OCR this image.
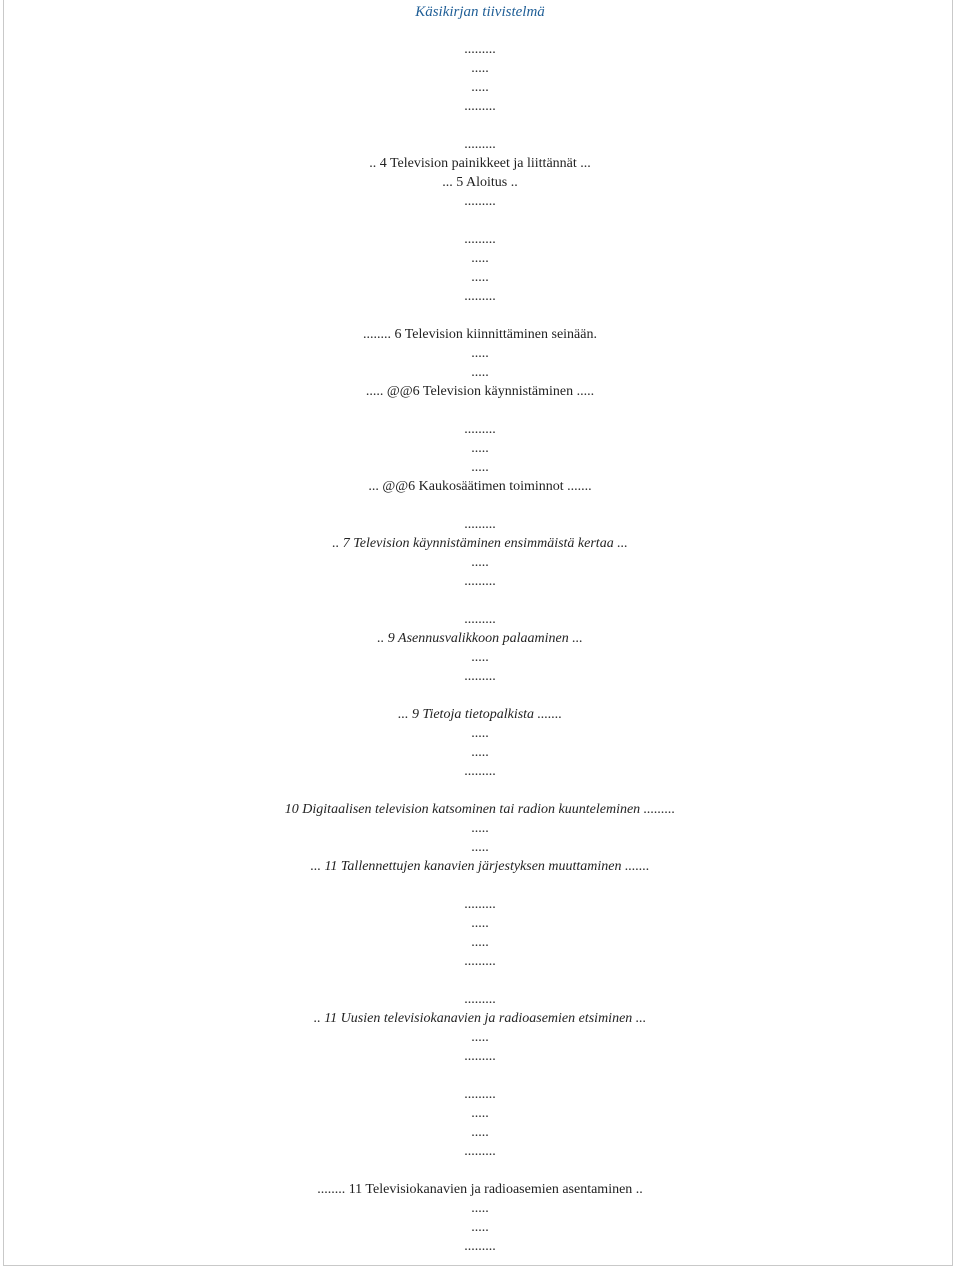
Käsikirjan tiivistelmä
.........
.....
.....
.........
.........
.. 4 Television painikkeet ja liittännät ...
... 5 Aloitus ..
.........
.........
.....
.....
.........
........ 6 Television kiinnittäminen seinään.
.....
.....
..... @@6 Television käynnistäminen .....
.........
.....
.....
... @@6 Kaukosäätimen toiminnot .......
.........
.. 7 Television käynnistäminen ensimmäistä kertaa ...
.....
.........
.........
.. 9 Asennusvalikkoon palaaminen ...
.....
.........
... 9 Tietoja tietopalkista .......
.....
.....
.........
10 Digitaalisen television katsominen tai radion kuunteleminen .........
.....
.....
... 11 Tallennettujen kanavien järjestyksen muuttaminen .......
.........
.....
.....
.........
.........
.. 11 Uusien televisiokanavien ja radioasemien etsiminen ...
.....
.........
.........
.....
.....
.........
........ 11 Televisiokanavien ja radioasemien asentaminen ..
.....
.....
.........
